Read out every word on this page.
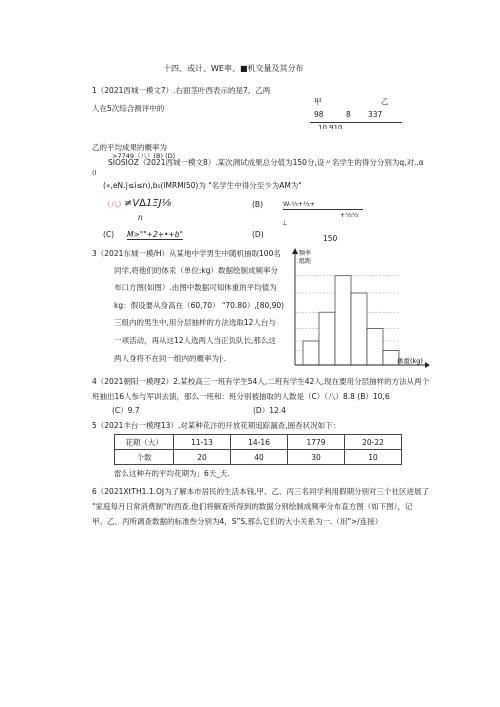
十四、或计、WE率、■机交量及其分布
1（2021西城一模文7）.右面茎叶西表示的是7、乙两
人在5次综合测评中的
甲	乙
98	8 337
10 910
乙的平均成果的概率为
>7749（八）(B) (D)
SIOSIOZ（2021西城一模文8）.某次测试成果总分值为150分,设〃名学生的得分分别为q,对..α
(l
(«,eN.|≤i≤n),b₀(lMRMI50)为 "名学生中得分至少为AM为"
（八）
≠V∆1ΞJ⅛
n
(B)	W-⅓+⅓+
+⅓⅓
⊥
(C) M>""+2+•+b"	(D)	150
3（2021东城一模/H）从某地中学男生中随机抽取100名
同学,将他们的体汞（单位:kg）数据绘制成频率分
布口方图(如图）.由图中数据可知体重的平均值为
kg：假设要从身高在（60,70） "70.80）,[80,90)
三组内的男生中,用分层抽样的方法选取12人台与
一项活动，再从这12人选两人当正负队长,那么这
两人身将不在同一组内的概率为|·.
频率
组距
体重(kg)
4（2021朝阳一模理2）2.某校高三一班有学生54人,二班有学生42人,现在要用分层抽样的方法从两个
班抽出16人参与军训去演，那么一班和：班分别被抽取的人数是（C）（八）8.8 (B）10,6
(C）9.7	(D）12.4
5（2021丰台一模理13）.对某种花汴的开放花期追踪漏查,圄杳状况如下：
花期（大）	11-13	14-16	1779	20-22
个数	20	40	30	10
雷么这种卉的平均花期为」6天_天.
6（2021XtTH1.1.OJ为了解本市居民的生活本钱,甲、乙、丙三名同学利用假期分别对三个社区进展了
"家庭每月日常消费制"的西查.他们将解查所得到的数据分别绘制成频率分布直方图（如下图），记
甲、乙、丙所调查数据的标准叁分别为4，S”S,那么它们的大小关系为一.（用">/连接）
